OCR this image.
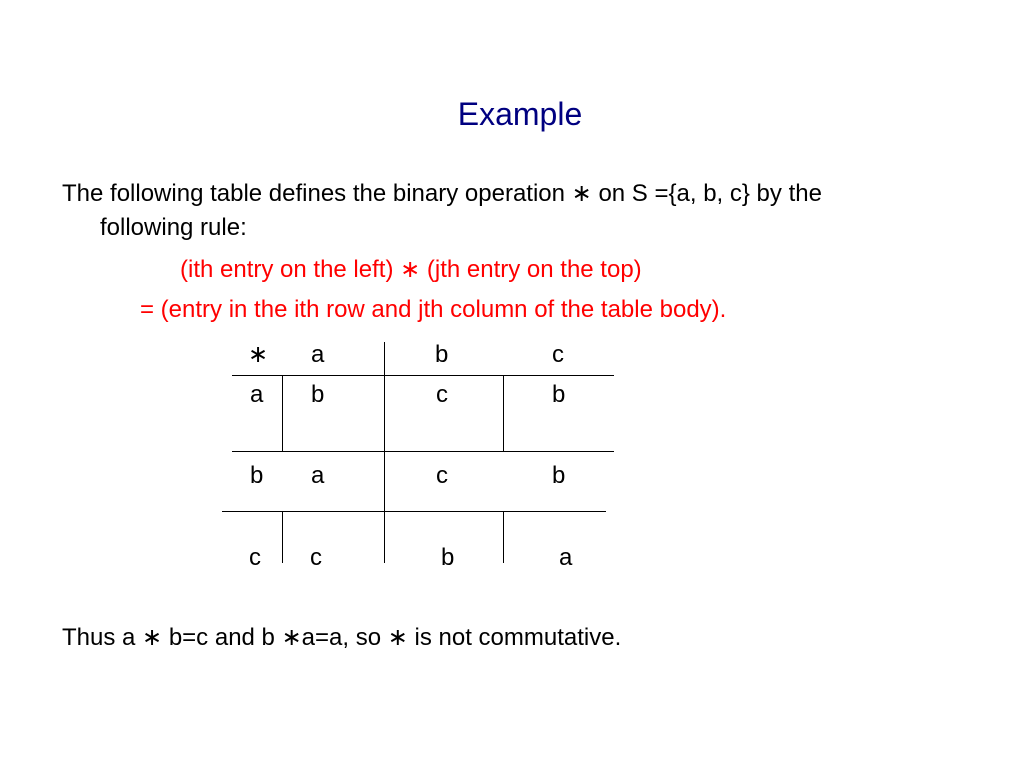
Example
The following table defines the binary operation ∗ on S ={a, b, c} by the
following rule:
(ith entry on the left) ∗ (jth entry on the top)
= (entry in the ith row and jth column of the table body).
∗ a	b	c
a b	c	b
b a	c	b
c c	b	a
Thus a ∗ b=c and b ∗a=a, so ∗ is not commutative.
